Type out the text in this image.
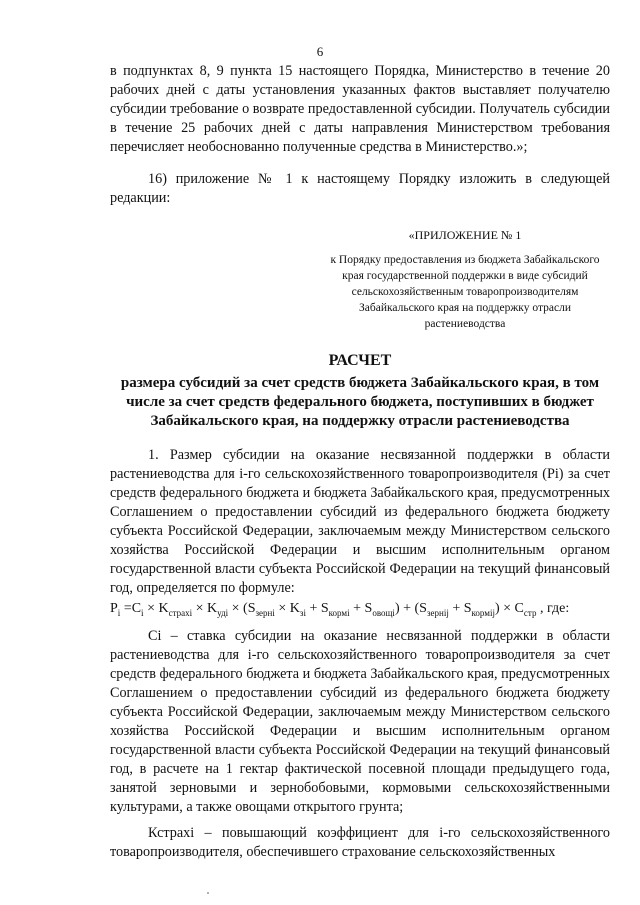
6

в подпунктах 8, 9 пункта 15 настоящего Порядка, Министерство в течение 20 рабочих дней с даты установления указанных фактов выставляет получателю субсидии требование о возврате предоставленной субсидии. Получатель субсидии в течение 25 рабочих дней с даты направления Министерством требования перечисляет необоснованно полученные средства в Министерство.»;

16) приложение № 1 к настоящему Порядку изложить в следующей редакции:

«ПРИЛОЖЕНИЕ № 1
к Порядку предоставления из бюджета Забайкальского края государственной поддержки в виде субсидий сельскохозяйственным товаропроизводителям Забайкальского края на поддержку отрасли растениеводства
РАСЧЕТ
размера субсидий за счет средств бюджета Забайкальского края, в том числе за счет средств федерального бюджета, поступивших в бюджет Забайкальского края, на поддержку отрасли растениеводства

1. Размер субсидии на оказание несвязанной поддержки в области растениеводства для i-го сельскохозяйственного товаропроизводителя (Pi) за счет средств федерального бюджета и бюджета Забайкальского края, предусмотренных Соглашением о предоставлении субсидий из федерального бюджета бюджету субъекта Российской Федерации, заключаемым между Министерством сельского хозяйства Российской Федерации и высшим исполнительным органом государственной власти субъекта Российской Федерации на текущий финансовый год, определяется по формуле:

$P_i =C_i \times K_{страхi} \times K_{удi} \times (S_{зернi} \times K_{зi} + S_{кормi} + S_{овощi}) + (S_{зернij} + S_{кормij}) \times C_{стр}$ , где:

Ci – ставка субсидии на оказание несвязанной поддержки в области растениеводства для i-го сельскохозяйственного товаропроизводителя за счет средств федерального бюджета и бюджета Забайкальского края, предусмотренных Соглашением о предоставлении субсидий из федерального бюджета бюджету субъекта Российской Федерации, заключаемым между Министерством сельского хозяйства Российской Федерации и высшим исполнительным органом государственной власти субъекта Российской Федерации на текущий финансовый год, в расчете на 1 гектар фактической посевной площади предыдущего года, занятой зерновыми и зернобобовыми, кормовыми сельскохозяйственными культурами, а также овощами открытого грунта;

Кстрахi – повышающий коэффициент для i-го сельскохозяйственного товаропроизводителя, обеспечившего страхование сельскохозяйственных
